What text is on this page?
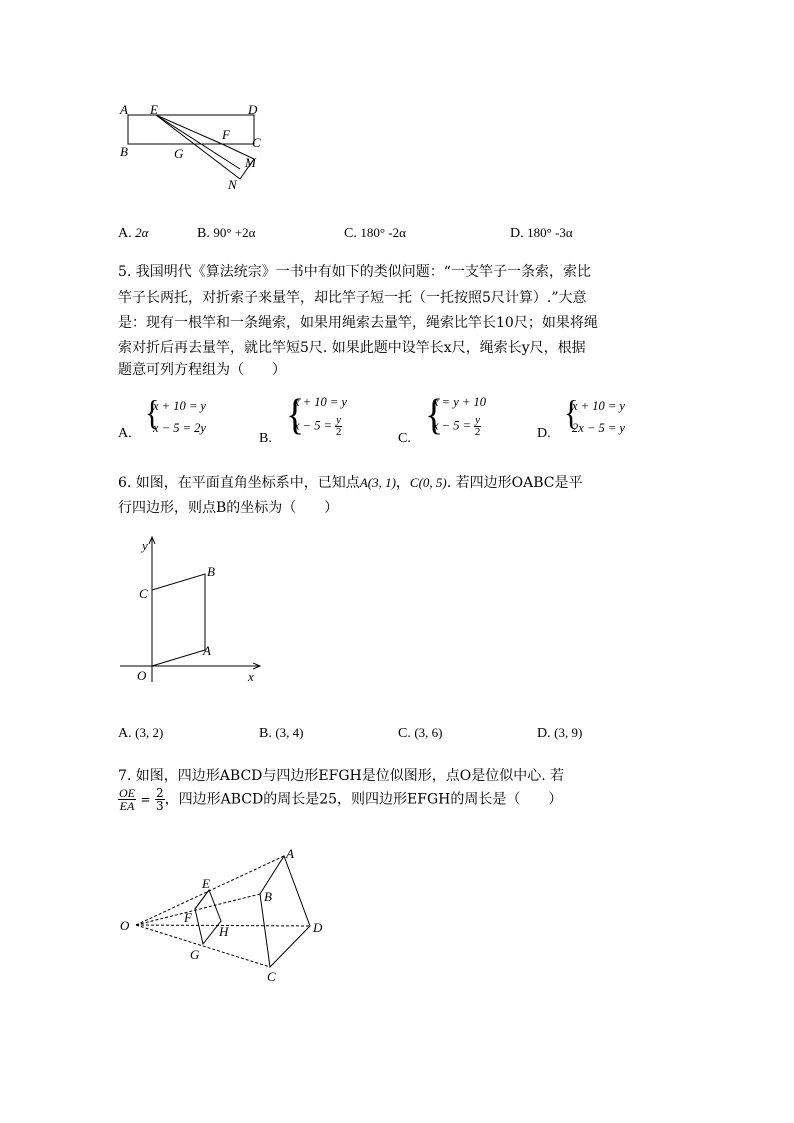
A E	D
F
C
B	G
M
N
A. 2α	B. 90° +2α	C. 180° -2α	D. 180° -3α

5. 我国明代《算法统宗》一书中有如下的类似问题：“一支竿子一条索，索比

竿子长两托，对折索子来量竿，却比竿子短一托（一托按照5尺计算）.”大意

是：现有一根竿和一条绳索，如果用绳索去量竿，绳索比竿长10尺；如果将绳

索对折后再去量竿，就比竿短5尺. 如果此题中设竿长x尺，绳索长y尺，根据

题意可列方程组为（　　）

A.
{
x + 10 = y
x − 5 = 2y
B. {
x + 10 = y
$x - 5 = \frac{y}{2}$
C. {
x = y + 10
$x - 5 = \frac{y}{2}$	D.
{
x + 10 = y
2x − 5 = y

6. 如图，在平面直角坐标系中，已知点A(3, 1)，C(0, 5). 若四边形OABC是平

行四边形，则点B的坐标为（　　）

y
B
C
A
O	x
A. (3, 2)	B. (3, 4)	C. (3, 6)	D. (3, 9)

7. 如图，四边形ABCD与四边形EFGH是位似图形，点O是位似中心. 若

$\frac{OE}{EA} = \frac{2}{3}$ ，四边形ABCD的周长是25，则四边形EFGH的周长是（　　）
A
E
B
O
F
H	D
G
C
